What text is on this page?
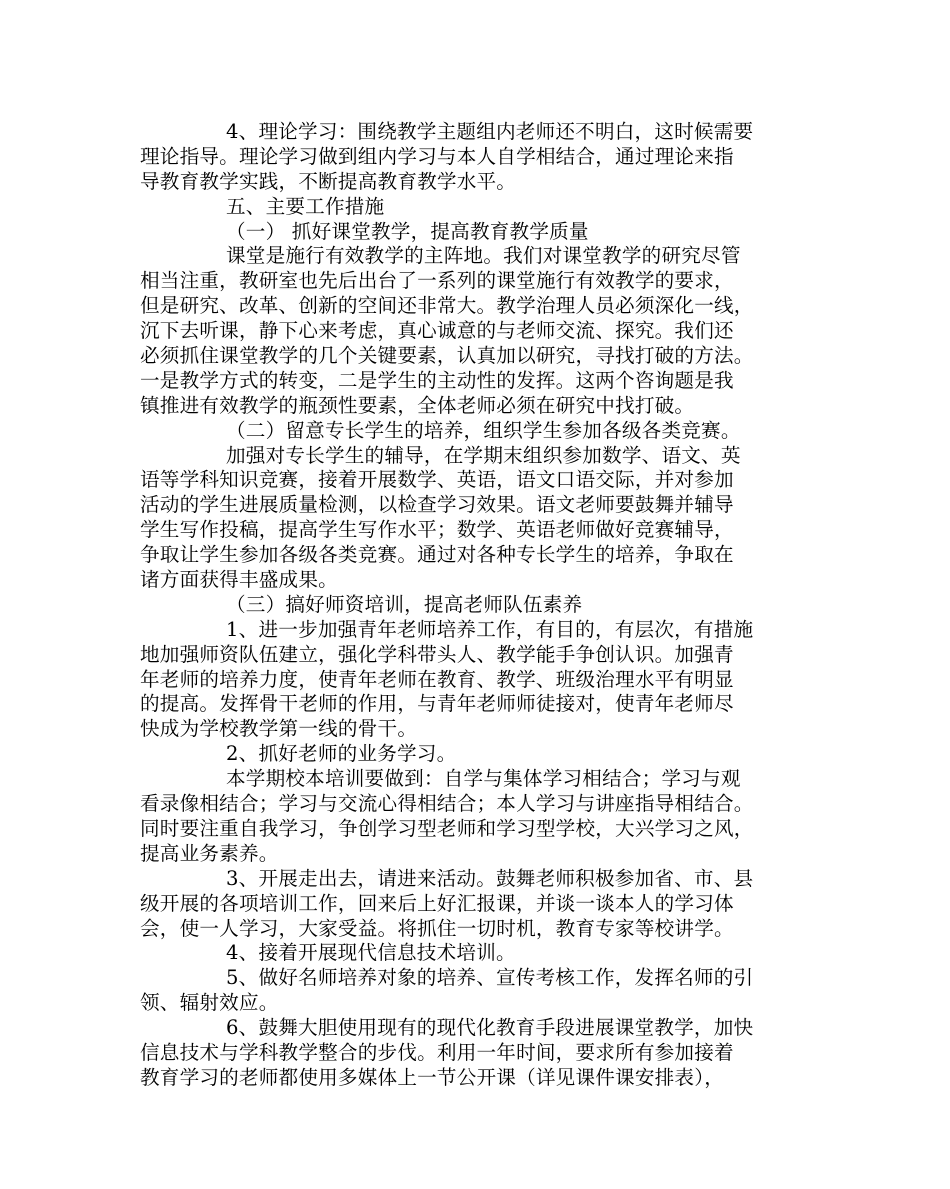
4、理论学习：围绕教学主题组内老师还不明白，这时候需要
理论指导。理论学习做到组内学习与本人自学相结合，通过理论来指
导教育教学实践，不断提高教育教学水平。
五、主要工作措施
（一） 抓好课堂教学，提高教育教学质量
课堂是施行有效教学的主阵地。我们对课堂教学的研究尽管
相当注重，教研室也先后出台了一系列的课堂施行有效教学的要求，
但是研究、改革、创新的空间还非常大。教学治理人员必须深化一线，
沉下去听课，静下心来考虑，真心诚意的与老师交流、探究。我们还
必须抓住课堂教学的几个关键要素，认真加以研究，寻找打破的方法。
一是教学方式的转变，二是学生的主动性的发挥。这两个咨询题是我
镇推进有效教学的瓶颈性要素，全体老师必须在研究中找打破。
（二）留意专长学生的培养，组织学生参加各级各类竞赛。
加强对专长学生的辅导，在学期末组织参加数学、语文、英
语等学科知识竞赛，接着开展数学、英语，语文口语交际，并对参加
活动的学生进展质量检测，以检查学习效果。语文老师要鼓舞并辅导
学生写作投稿，提高学生写作水平；数学、英语老师做好竞赛辅导，
争取让学生参加各级各类竞赛。通过对各种专长学生的培养，争取在
诸方面获得丰盛成果。
（三）搞好师资培训，提高老师队伍素养
1、进一步加强青年老师培养工作，有目的，有层次，有措施
地加强师资队伍建立，强化学科带头人、教学能手争创认识。加强青
年老师的培养力度，使青年老师在教育、教学、班级治理水平有明显
的提高。发挥骨干老师的作用，与青年老师师徒接对，使青年老师尽
快成为学校教学第一线的骨干。
2、抓好老师的业务学习。
本学期校本培训要做到：自学与集体学习相结合；学习与观
看录像相结合；学习与交流心得相结合；本人学习与讲座指导相结合。
同时要注重自我学习，争创学习型老师和学习型学校，大兴学习之风，
提高业务素养。
3、开展走出去，请进来活动。鼓舞老师积极参加省、市、县
级开展的各项培训工作，回来后上好汇报课，并谈一谈本人的学习体
会，使一人学习，大家受益。将抓住一切时机，教育专家等校讲学。
4、接着开展现代信息技术培训。
5、做好名师培养对象的培养、宣传考核工作，发挥名师的引
领、辐射效应。
6、鼓舞大胆使用现有的现代化教育手段进展课堂教学，加快
信息技术与学科教学整合的步伐。利用一年时间，要求所有参加接着
教育学习的老师都使用多媒体上一节公开课（详见课件课安排表），
